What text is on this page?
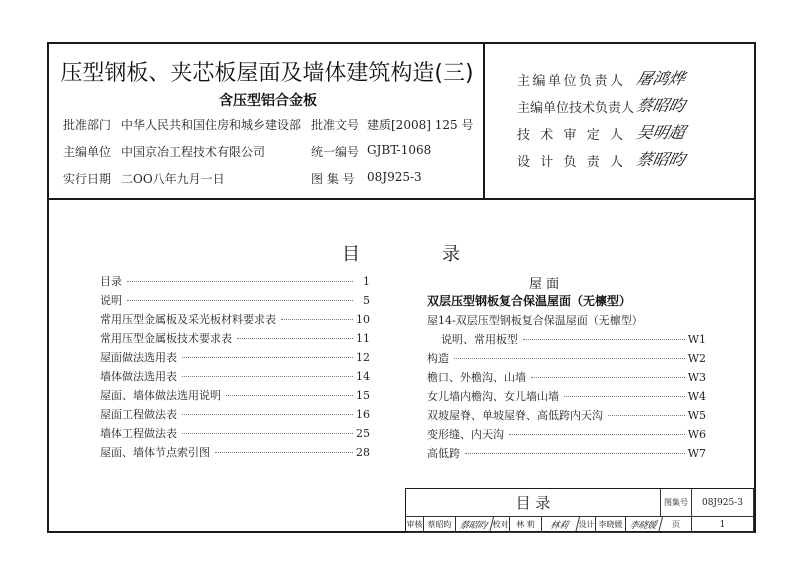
压型钢板、夹芯板屋面及墙体建筑构造(三)
含压型铝合金板
批准部门 中华人民共和国住房和城乡建设部 批准文号 建质[2008] 125 号
主编单位 中国京冶工程技术有限公司	统一编号 GJBT-1068
实行日期 二OO八年九月一日	图 集 号 08J925-3
主编单位负责人 屠鸿烨
主编单位技术负责人 蔡昭昀
技术审定人 吴明超
设计负责人 蔡昭昀
目	录
目录	1
说明	5
常用压型金属板及采光板材料要求表	10
常用压型金属板技术要求表	11
屋面做法选用表	12
墙体做法选用表	14
屋面、墙体做法选用说明	15
屋面工程做法表	16
墙体工程做法表	25
屋面、墙体节点索引图	28
屋 面
双层压型钢板复合保温屋面（无檩型）
屋14-双层压型钢板复合保温屋面（无檩型）
说明、常用板型	W1
构造	W2
檐口、外檐沟、山墙	W3
女儿墙内檐沟、女儿墙山墙	W4
双坡屋脊、单坡屋脊、高低跨内天沟	W5
变形缝、内天沟	W6
高低跨	W7
目 录	图集号	08J925-3
审核 蔡昭昀 蔡昭昀 校对 林 莉	林莉	设计 李晓媛 李晓媛	页	1
